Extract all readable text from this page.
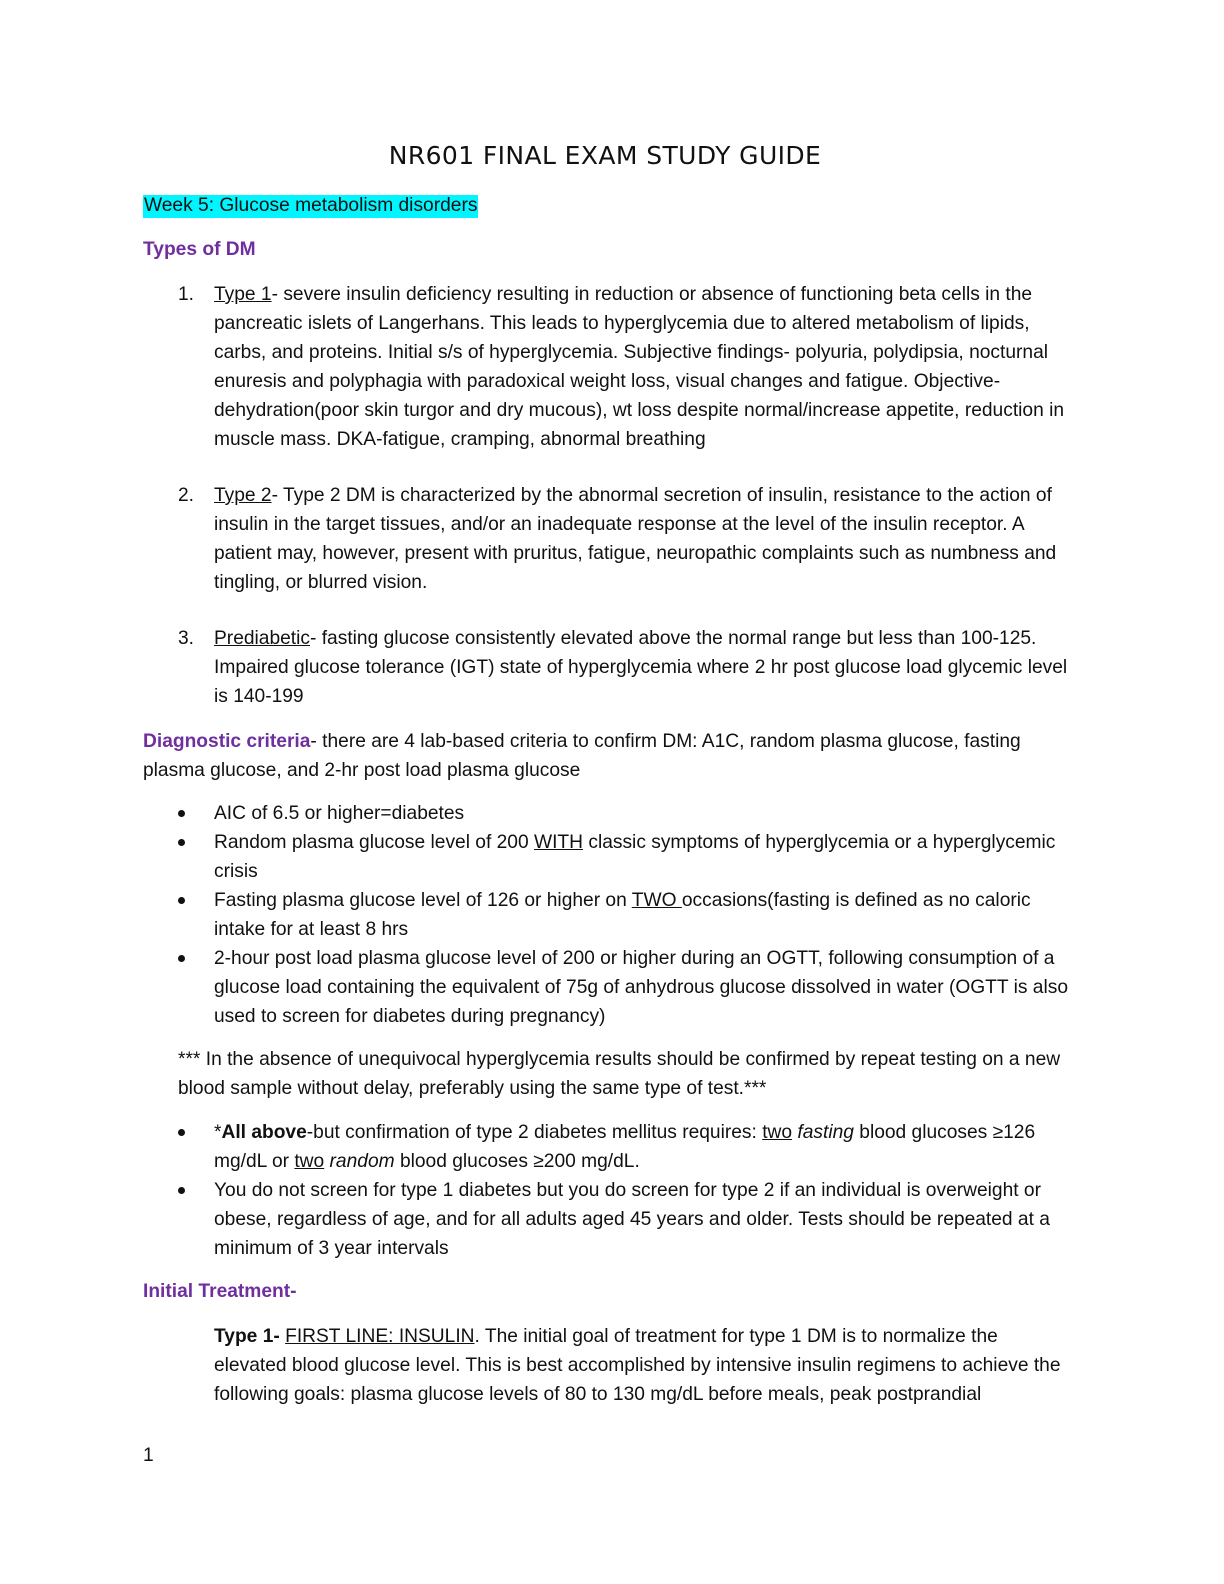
NR601 FINAL EXAM STUDY GUIDE
Week 5: Glucose metabolism disorders

Types of DM

1. Type 1- severe insulin deficiency resulting in reduction or absence of functioning beta cells in the pancreatic islets of Langerhans. This leads to hyperglycemia due to altered metabolism of lipids, carbs, and proteins. Initial s/s of hyperglycemia. Subjective findings- polyuria, polydipsia, nocturnal enuresis and polyphagia with paradoxical weight loss, visual changes and fatigue. Objective-dehydration(poor skin turgor and dry mucous), wt loss despite normal/increase appetite, reduction in muscle mass. DKA-fatigue, cramping, abnormal breathing
2. Type 2- Type 2 DM is characterized by the abnormal secretion of insulin, resistance to the action of insulin in the target tissues, and/or an inadequate response at the level of the insulin receptor. A patient may, however, present with pruritus, fatigue, neuropathic complaints such as numbness and tingling, or blurred vision.
3. Prediabetic- fasting glucose consistently elevated above the normal range but less than 100-125. Impaired glucose tolerance (IGT) state of hyperglycemia where 2 hr post glucose load glycemic level is 140-199
Diagnostic criteria- there are 4 lab-based criteria to confirm DM: A1C, random plasma glucose, fasting plasma glucose, and 2-hr post load plasma glucose
AIC of 6.5 or higher=diabetes
Random plasma glucose level of 200 WITH classic symptoms of hyperglycemia or a hyperglycemic crisis
Fasting plasma glucose level of 126 or higher on TWO occasions(fasting is defined as no caloric intake for at least 8 hrs
2-hour post load plasma glucose level of 200 or higher during an OGTT, following consumption of a glucose load containing the equivalent of 75g of anhydrous glucose dissolved in water (OGTT is also used to screen for diabetes during pregnancy)
*** In the absence of unequivocal hyperglycemia results should be confirmed by repeat testing on a new blood sample without delay, preferably using the same type of test.***
*All above-but confirmation of type 2 diabetes mellitus requires: two fasting blood glucoses ≥126 mg/dL or two random blood glucoses ≥200 mg/dL.
You do not screen for type 1 diabetes but you do screen for type 2 if an individual is overweight or obese, regardless of age, and for all adults aged 45 years and older. Tests should be repeated at a minimum of 3 year intervals

Initial Treatment-

Type 1- FIRST LINE: INSULIN. The initial goal of treatment for type 1 DM is to normalize the elevated blood glucose level. This is best accomplished by intensive insulin regimens to achieve the following goals: plasma glucose levels of 80 to 130 mg/dL before meals, peak postprandial
1
